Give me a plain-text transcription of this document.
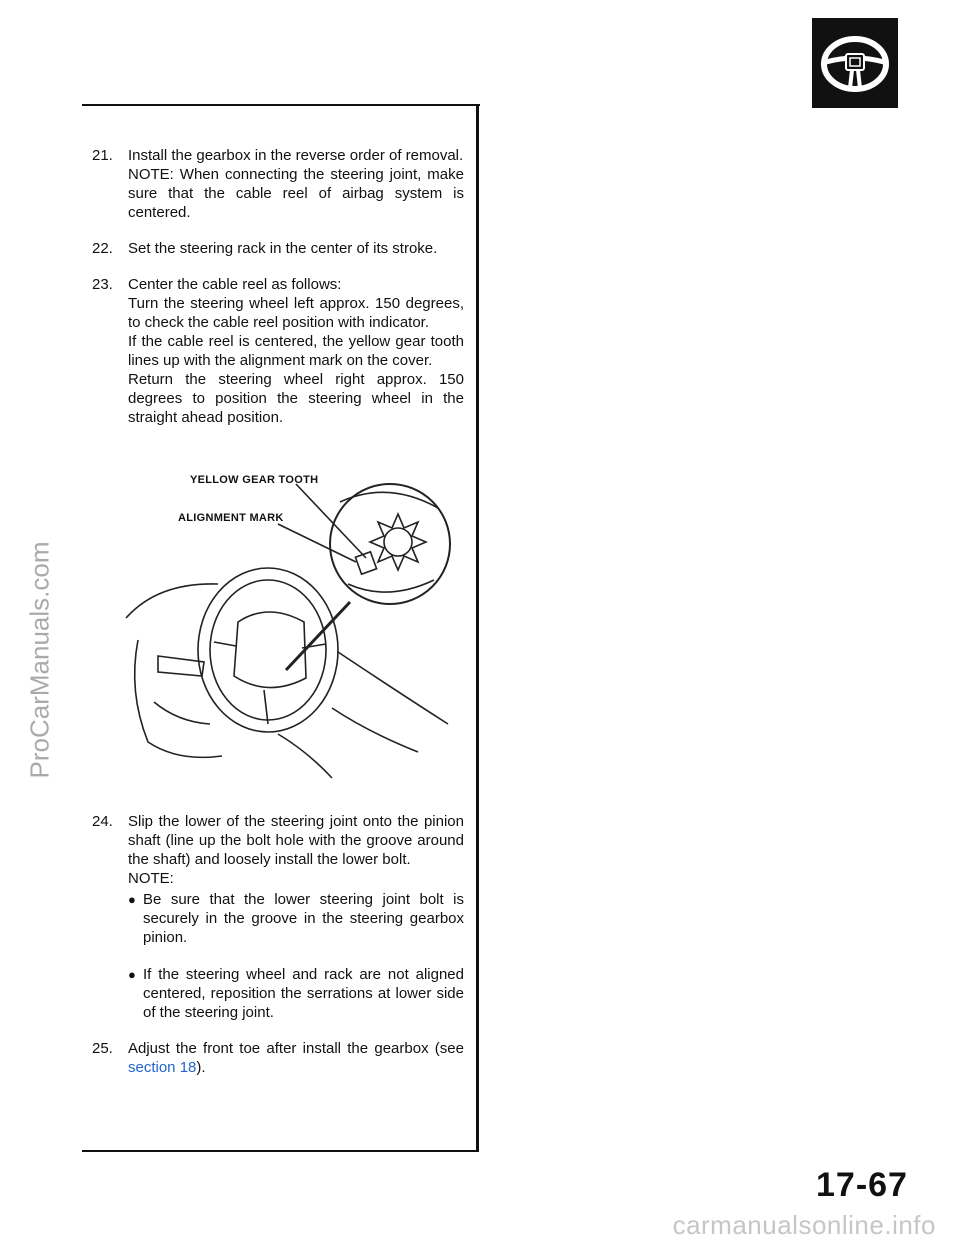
ProCarManuals.com
21.	Install the gearbox in the reverse order of removal.

NOTE: When connecting the steering joint, make sure that the cable reel of airbag system is centered.

22.	Set the steering rack in the center of its stroke.

23.	Center the cable reel as follows:

Turn the steering wheel left approx. 150 degrees, to check the cable reel position with indicator.

If the cable reel is centered, the yellow gear tooth lines up with the alignment mark on the cover.

Return the steering wheel right approx. 150 degrees to position the steering wheel in the straight ahead position.

24.	Slip the lower of the steering joint onto the pinion shaft (line up the bolt hole with the groove around the shaft) and loosely install the lower bolt.

NOTE:

● Be sure that the lower steering joint bolt is securely in the groove in the steering gearbox pinion.
● If the steering wheel and rack are not aligned centered, reposition the serrations at lower side of the steering joint.
25.	Adjust the front toe after install the gearbox (see section 18).

YELLOW GEAR TOOTH
ALIGNMENT MARK
17-67
carmanualsonline.info
